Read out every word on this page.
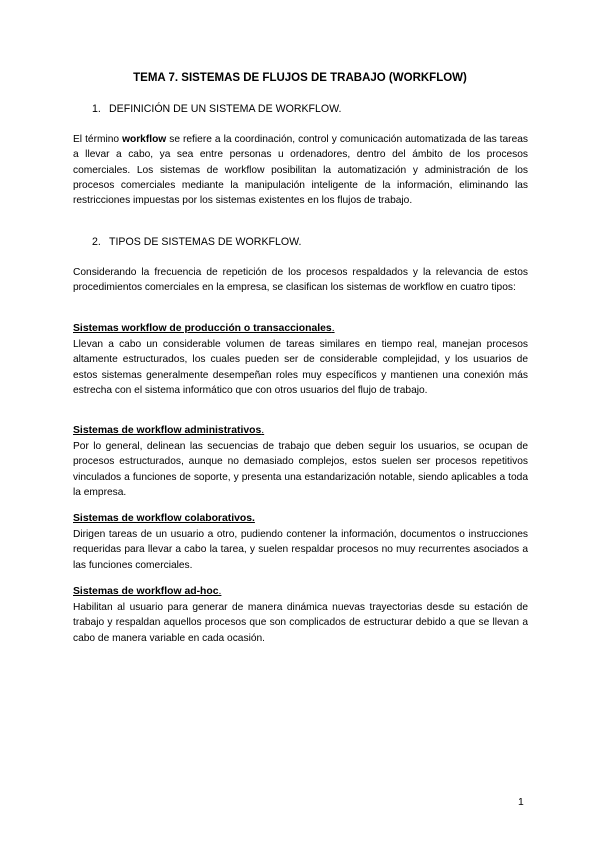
TEMA 7. SISTEMAS DE FLUJOS DE TRABAJO (WORKFLOW)
1. DEFINICIÓN DE UN SISTEMA DE WORKFLOW.

El término workflow se refiere a la coordinación, control y comunicación automatizada de las tareas a llevar a cabo, ya sea entre personas u ordenadores, dentro del ámbito de los procesos comerciales. Los sistemas de workflow posibilitan la automatización y administración de los procesos comerciales mediante la manipulación inteligente de la información, eliminando las restricciones impuestas por los sistemas existentes en los flujos de trabajo.

2. TIPOS DE SISTEMAS DE WORKFLOW.

Considerando la frecuencia de repetición de los procesos respaldados y la relevancia de estos procedimientos comerciales en la empresa, se clasifican los sistemas de workflow en cuatro tipos:

Sistemas workflow de producción o transaccionales.

Llevan a cabo un considerable volumen de tareas similares en tiempo real, manejan procesos altamente estructurados, los cuales pueden ser de considerable complejidad, y los usuarios de estos sistemas generalmente desempeñan roles muy específicos y mantienen una conexión más estrecha con el sistema informático que con otros usuarios del flujo de trabajo.

Sistemas de workflow administrativos.

Por lo general, delinean las secuencias de trabajo que deben seguir los usuarios, se ocupan de procesos estructurados, aunque no demasiado complejos, estos suelen ser procesos repetitivos vinculados a funciones de soporte, y presenta una estandarización notable, siendo aplicables a toda la empresa.

Sistemas de workflow colaborativos.

Dirigen tareas de un usuario a otro, pudiendo contener la información, documentos o instrucciones requeridas para llevar a cabo la tarea, y suelen respaldar procesos no muy recurrentes asociados a las funciones comerciales.

Sistemas de workflow ad-hoc.

Habilitan al usuario para generar de manera dinámica nuevas trayectorias desde su estación de trabajo y respaldan aquellos procesos que son complicados de estructurar debido a que se llevan a cabo de manera variable en cada ocasión.

1
